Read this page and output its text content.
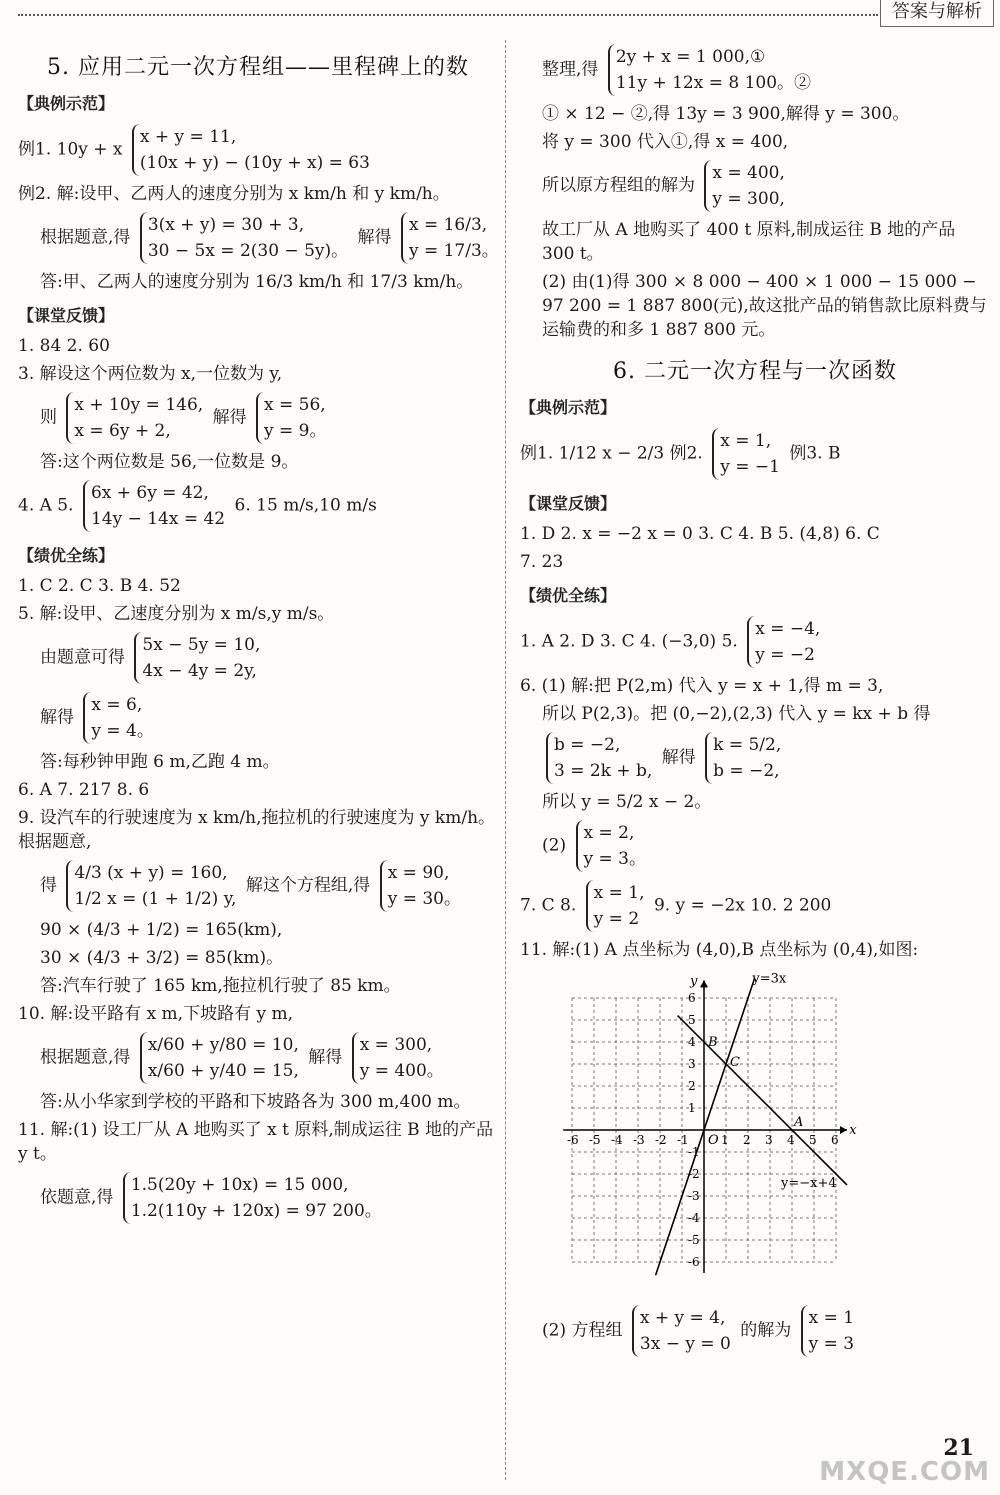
答案与解析
5. 应用二元一次方程组——里程碑上的数
【典例示范】
例1. 10y + x
x + y = 11,
(10x + y) − (10y + x) = 63
例2. 解:设甲、乙两人的速度分别为 x km/h 和 y km/h。
根据题意,得
3(x + y) = 30 + 3,
30 − 5x = 2(30 − 5y)。
解得
x = 16/3,
y = 17/3。
答:甲、乙两人的速度分别为 16/3 km/h 和 17/3 km/h。
【课堂反馈】
1. 84 2. 60
3. 解设这个两位数为 x,一位数为 y,
则
x + 10y = 146,
x = 6y + 2,
解得
x = 56,
y = 9。
答:这个两位数是 56,一位数是 9。
4. A 5.
6x + 6y = 42,
14y − 14x = 42
6. 15 m/s,10 m/s
【绩优全练】
1. C 2. C 3. B 4. 52
5. 解:设甲、乙速度分别为 x m/s,y m/s。
由题意可得
5x − 5y = 10,
4x − 4y = 2y,
解得
x = 6,
y = 4。
答:每秒钟甲跑 6 m,乙跑 4 m。
6. A 7. 217 8. 6
9. 设汽车的行驶速度为 x km/h,拖拉机的行驶速度为 y km/h。根据题意,
得
4/3 (x + y) = 160,
1/2 x = (1 + 1/2) y,
解这个方程组,得
x = 90,
y = 30。
90 × (4/3 + 1/2) = 165(km),
30 × (4/3 + 3/2) = 85(km)。
答:汽车行驶了 165 km,拖拉机行驶了 85 km。
10. 解:设平路有 x m,下坡路有 y m,
根据题意,得
x/60 + y/80 = 10,
x/60 + y/40 = 15,
解得
x = 300,
y = 400。
答:从小华家到学校的平路和下坡路各为 300 m,400 m。
11. 解:(1) 设工厂从 A 地购买了 x t 原料,制成运往 B 地的产品 y t。
依题意,得
1.5(20y + 10x) = 15 000,
1.2(110y + 120x) = 97 200。
整理,得
2y + x = 1 000,①
11y + 12x = 8 100。②
① × 12 − ②,得 13y = 3 900,解得 y = 300。
将 y = 300 代入①,得 x = 400,
所以原方程组的解为
x = 400,
y = 300,
故工厂从 A 地购买了 400 t 原料,制成运往 B 地的产品 300 t。
(2) 由(1)得 300 × 8 000 − 400 × 1 000 − 15 000 − 97 200 = 1 887 800(元),故这批产品的销售款比原料费与运输费的和多 1 887 800 元。
6. 二元一次方程与一次函数
【典例示范】
例1. 1/12 x − 2/3 例2.
x = 1,
y = −1
例3. B
【课堂反馈】
1. D 2. x = −2 x = 0 3. C 4. B 5. (4,8) 6. C
7. 23
【绩优全练】
1. A 2. D 3. C 4. (−3,0) 5.
x = −4,
y = −2
6. (1) 解:把 P(2,m) 代入 y = x + 1,得 m = 3,
所以 P(2,3)。把 (0,−2),(2,3) 代入 y = kx + b 得
b = −2,
3 = 2k + b,
解得
k = 5/2,
b = −2,
所以 y = 5/2 x − 2。
(2)
x = 2,
y = 3。
7. C 8.
x = 1,
y = 2
9. y = −2x 10. 2 200
11. 解:(1) A 点坐标为 (4,0),B 点坐标为 (0,4),如图:
-6
-6
-5
-5
-4
-4
-3
-3
-2
-2
-1
-1
1
1
2
2
3
3
4
4
5
5
6
6
x
y
O
A
B
C
y=3x
y=−x+4
(2) 方程组
x + y = 4,
3x − y = 0
的解为
x = 1
y = 3
MXQE.COM
21
